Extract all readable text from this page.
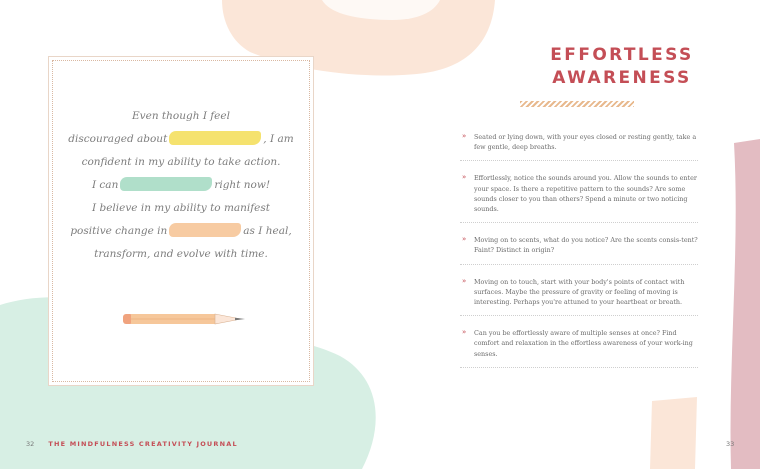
Even though I feel
discouraged about	, I am
confident in my ability to take action.
I can	right now!
I believe in my ability to manifest
positive change in	as I heal,
transform, and evolve with time.
32 THE MINDFULNESS CREATIVITY JOURNAL
EFFORTLESS
AWARENESS
» Seated or lying down, with your eyes closed or resting gently, take a few gentle, deep breaths.
» Effortlessly, notice the sounds around you. Allow the sounds to enter your space. Is there a repetitive pattern to the sounds? Are some sounds closer to you than others? Spend a minute or two noticing sounds.
» Moving on to scents, what do you notice? Are the scents consis-tent? Faint? Distinct in origin?
» Moving on to touch, start with your body's points of contact with surfaces. Maybe the pressure of gravity or feeling of moving is interesting. Perhaps you're attuned to your heartbeat or breath.
» Can you be effortlessly aware of multiple senses at once? Find comfort and relaxation in the effortless awareness of your work-ing senses.
33
